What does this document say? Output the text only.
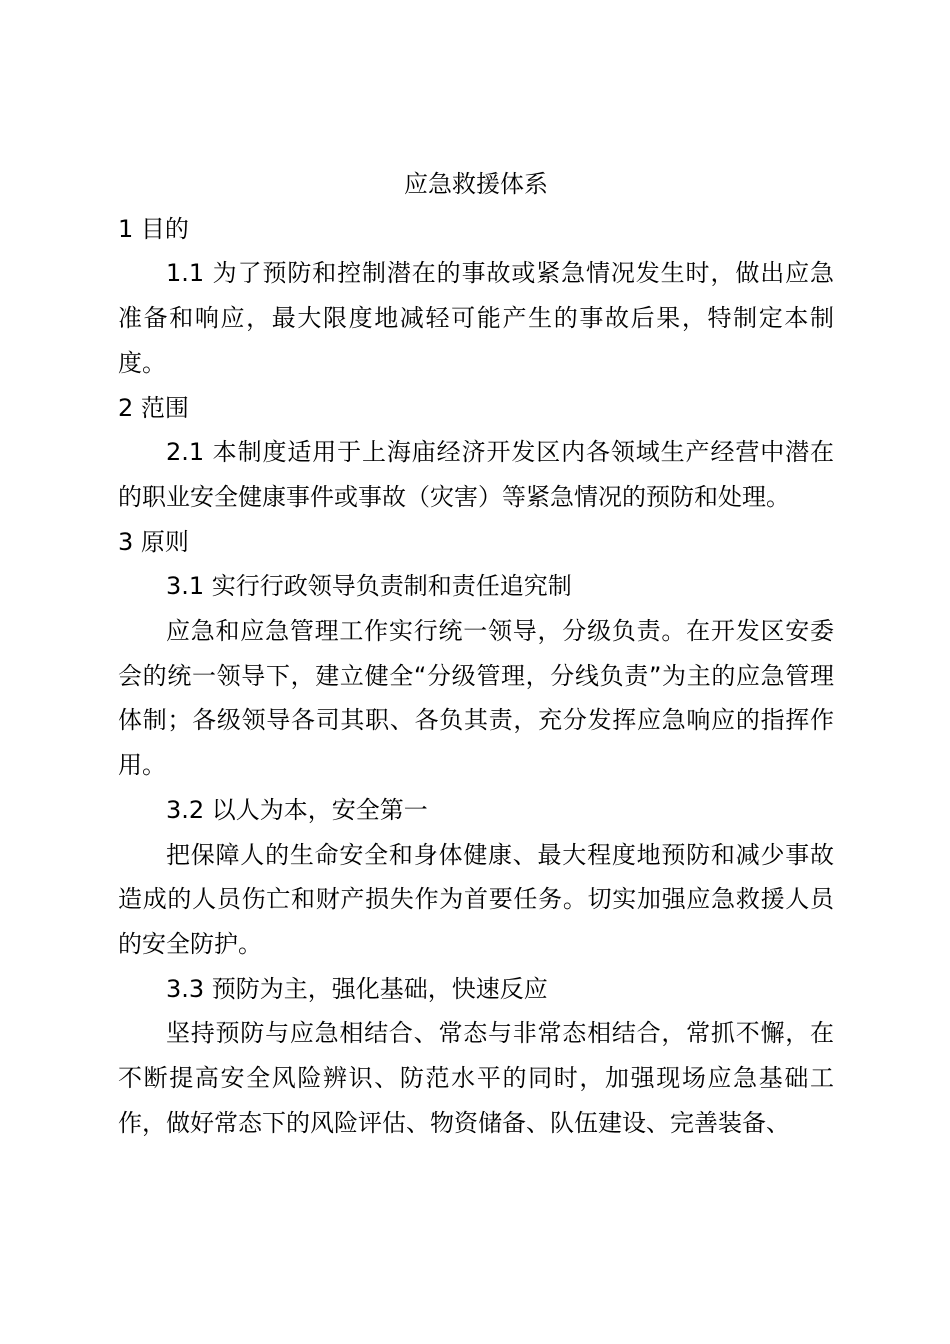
应急救援体系
1 目的

1.1 为了预防和控制潜在的事故或紧急情况发生时，做出应急准备和响应，最大限度地减轻可能产生的事故后果，特制定本制度。

2 范围

2.1 本制度适用于上海庙经济开发区内各领域生产经营中潜在的职业安全健康事件或事故（灾害）等紧急情况的预防和处理。

3 原则

3.1 实行行政领导负责制和责任追究制

应急和应急管理工作实行统一领导，分级负责。在开发区安委会的统一领导下，建立健全“分级管理，分线负责”为主的应急管理体制；各级领导各司其职、各负其责，充分发挥应急响应的指挥作用。

3.2 以人为本，安全第一

把保障人的生命安全和身体健康、最大程度地预防和减少事故造成的人员伤亡和财产损失作为首要任务。切实加强应急救援人员的安全防护。

3.3 预防为主，强化基础，快速反应

坚持预防与应急相结合、常态与非常态相结合，常抓不懈，在不断提高安全风险辨识、防范水平的同时，加强现场应急基础工作，做好常态下的风险评估、物资储备、队伍建设、完善装备、
